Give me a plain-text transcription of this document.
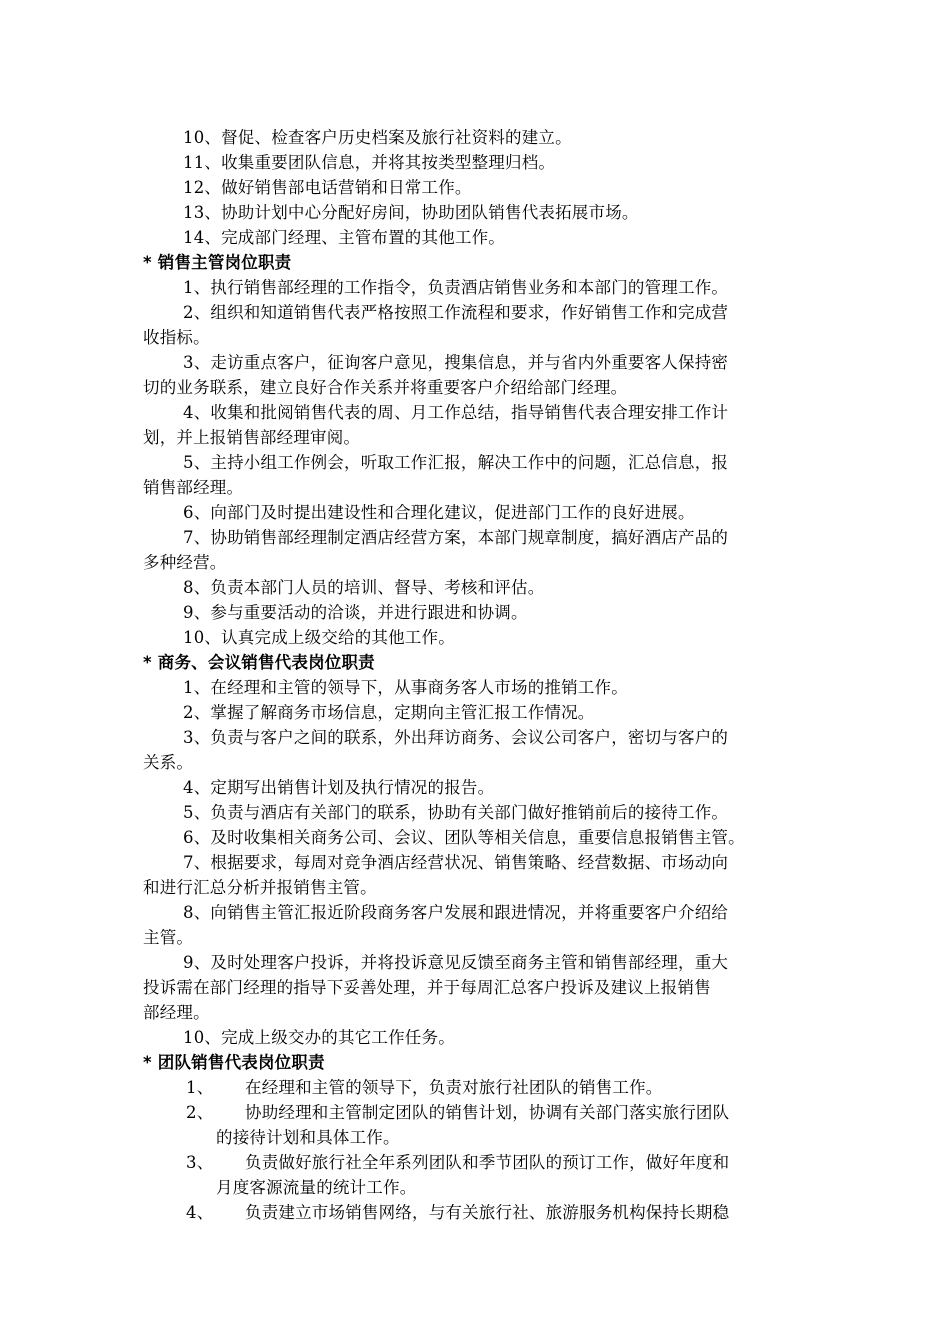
10、督促、检查客户历史档案及旅行社资料的建立。
11、收集重要团队信息，并将其按类型整理归档。
12、做好销售部电话营销和日常工作。
13、协助计划中心分配好房间，协助团队销售代表拓展市场。
14、完成部门经理、主管布置的其他工作。
* 销售主管岗位职责
1、执行销售部经理的工作指令，负责酒店销售业务和本部门的管理工作。
2、组织和知道销售代表严格按照工作流程和要求，作好销售工作和完成营
收指标。
3、走访重点客户，征询客户意见，搜集信息，并与省内外重要客人保持密
切的业务联系，建立良好合作关系并将重要客户介绍给部门经理。
4、收集和批阅销售代表的周、月工作总结，指导销售代表合理安排工作计
划，并上报销售部经理审阅。
5、主持小组工作例会，听取工作汇报，解决工作中的问题，汇总信息，报
销售部经理。
6、向部门及时提出建设性和合理化建议，促进部门工作的良好进展。
7、协助销售部经理制定酒店经营方案，本部门规章制度，搞好酒店产品的
多种经营。
8、负责本部门人员的培训、督导、考核和评估。
9、参与重要活动的洽谈，并进行跟进和协调。
10、认真完成上级交给的其他工作。
* 商务、会议销售代表岗位职责
1、在经理和主管的领导下，从事商务客人市场的推销工作。
2、掌握了解商务市场信息，定期向主管汇报工作情况。
3、负责与客户之间的联系，外出拜访商务、会议公司客户，密切与客户的
关系。
4、定期写出销售计划及执行情况的报告。
5、负责与酒店有关部门的联系，协助有关部门做好推销前后的接待工作。
6、及时收集相关商务公司、会议、团队等相关信息，重要信息报销售主管。
7、根据要求，每周对竞争酒店经营状况、销售策略、经营数据、市场动向
和进行汇总分析并报销售主管。
8、向销售主管汇报近阶段商务客户发展和跟进情况，并将重要客户介绍给
主管。
9、及时处理客户投诉，并将投诉意见反馈至商务主管和销售部经理，重大
投诉需在部门经理的指导下妥善处理，并于每周汇总客户投诉及建议上报销售
部经理。
10、完成上级交办的其它工作任务。
* 团队销售代表岗位职责
1、 在经理和主管的领导下，负责对旅行社团队的销售工作。
2、 协助经理和主管制定团队的销售计划，协调有关部门落实旅行团队
的接待计划和具体工作。
3、 负责做好旅行社全年系列团队和季节团队的预订工作，做好年度和
月度客源流量的统计工作。
4、 负责建立市场销售网络，与有关旅行社、旅游服务机构保持长期稳
